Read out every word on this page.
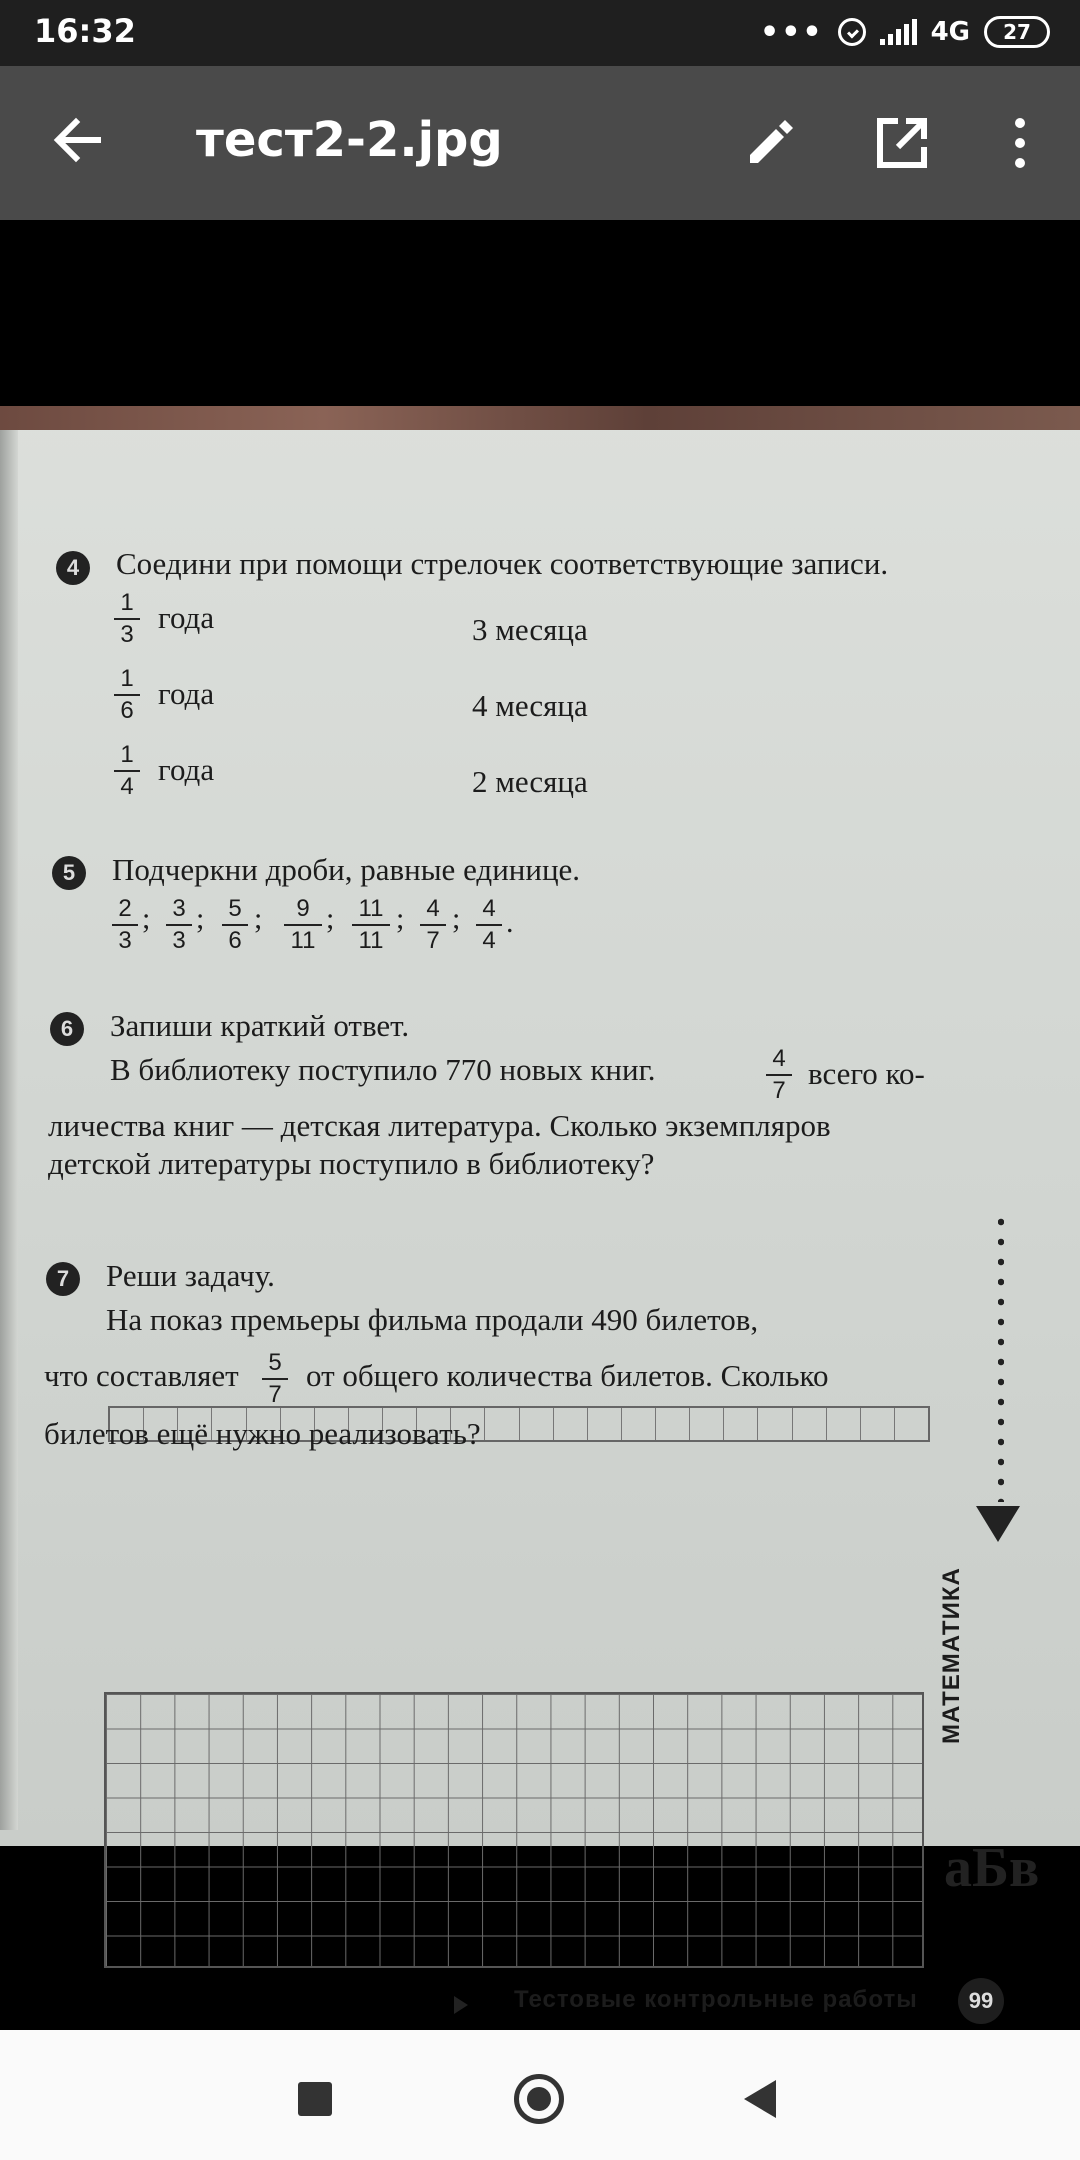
16:32	•••	4G 27
тест2-2.jpg
4	Соедини при помощи стрелочек соответствующие записи.
1
3 года	3 месяца
1
6 года	4 месяца
1
4 года	2 месяца
5	Подчеркни дроби, равные единице.
2
3
; 3
3
; 5
6
; 9
11
; 11
11
; 4
7
; 4
4
.
6	Запиши краткий ответ.
В библиотеку поступило 770 новых книг.	4
7 всего ко-
личества книг — детская литература. Сколько экземпляров
детской литературы поступило в библиотеку?
7	Реши задачу.
На показ премьеры фильма продали 490 билетов,
что составляет 5
7
от общего количества билетов. Сколько
билетов ещё нужно реализовать?
МАТЕМАТИКА
аБв
Тестовые контрольные работы	99
